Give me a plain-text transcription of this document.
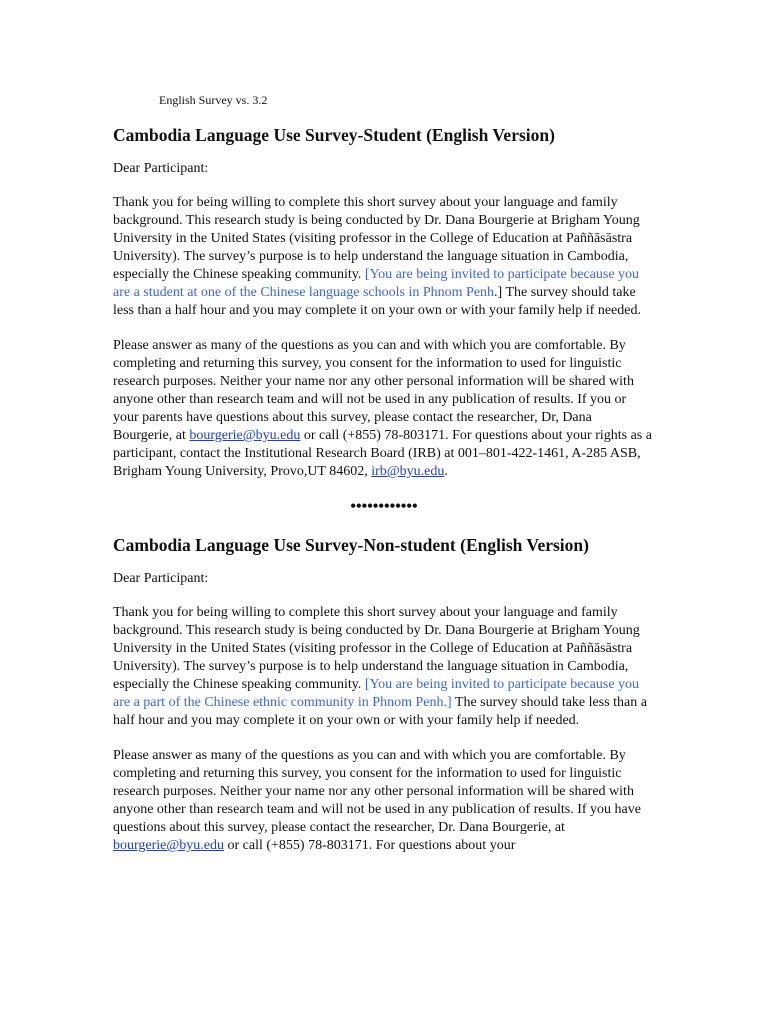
English Survey vs. 3.2
Cambodia Language Use Survey-Student (English Version)

Dear Participant:

Thank you for being willing to complete this short survey about your language and family background. This research study is being conducted by Dr. Dana Bourgerie at Brigham Young University in the United States (visiting professor in the College of Education at Paññāsāstra University). The survey’s purpose is to help understand the language situation in Cambodia, especially the Chinese speaking community. [You are being invited to participate because you are a student at one of the Chinese language schools in Phnom Penh.] The survey should take less than a half hour and you may complete it on your own or with your family help if needed.

Please answer as many of the questions as you can and with which you are comfortable. By completing and returning this survey, you consent for the information to used for linguistic research purposes. Neither your name nor any other personal information will be shared with anyone other than research team and will not be used in any publication of results. If you or your parents have questions about this survey, please contact the researcher, Dr, Dana Bourgerie, at bourgerie@byu.edu or call (+855) 78-803171. For questions about your rights as a participant, contact the Institutional Research Board (IRB) at 001–801-422-1461, A-285 ASB, Brigham Young University, Provo,UT 84602, irb@byu.edu.

••••••••••••
Cambodia Language Use Survey-Non-student (English Version)

Dear Participant:

Thank you for being willing to complete this short survey about your language and family background. This research study is being conducted by Dr. Dana Bourgerie at Brigham Young University in the United States (visiting professor in the College of Education at Paññāsāstra University). The survey’s purpose is to help understand the language situation in Cambodia, especially the Chinese speaking community. [You are being invited to participate because you are a part of the Chinese ethnic community in Phnom Penh.] The survey should take less than a half hour and you may complete it on your own or with your family help if needed.

Please answer as many of the questions as you can and with which you are comfortable. By completing and returning this survey, you consent for the information to used for linguistic research purposes. Neither your name nor any other personal information will be shared with anyone other than research team and will not be used in any publication of results. If you have questions about this survey, please contact the researcher, Dr. Dana Bourgerie, at bourgerie@byu.edu or call (+855) 78-803171. For questions about your
